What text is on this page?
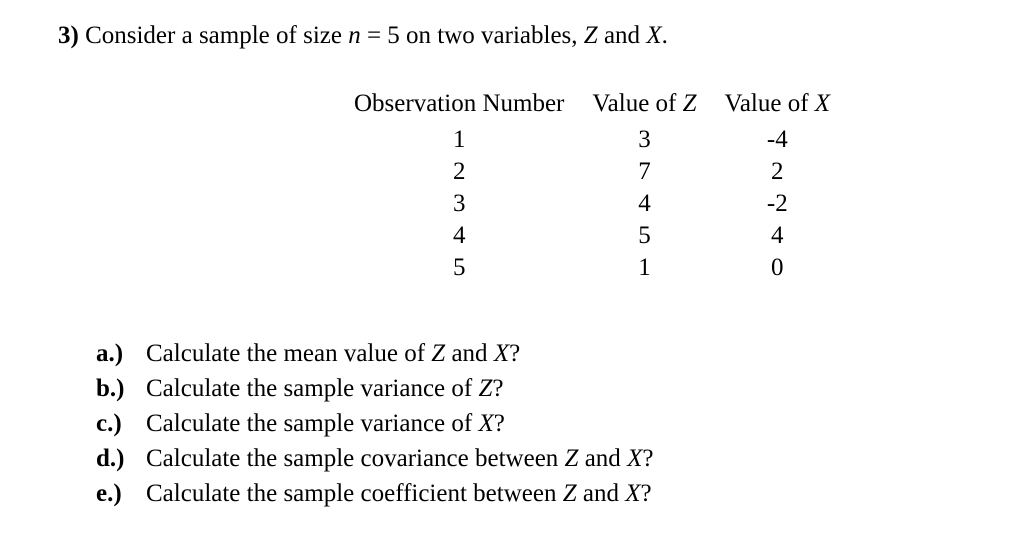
3) Consider a sample of size n = 5 on two variables, Z and X.
Observation Number	Value of Z	Value of X
1	3	-4
2	7	2
3	4	-2
4	5	4
5	1	0
a.) Calculate the mean value of Z and X?
b.) Calculate the sample variance of Z?
c.) Calculate the sample variance of X?
d.) Calculate the sample covariance between Z and X?
e.) Calculate the sample coefficient between Z and X?
